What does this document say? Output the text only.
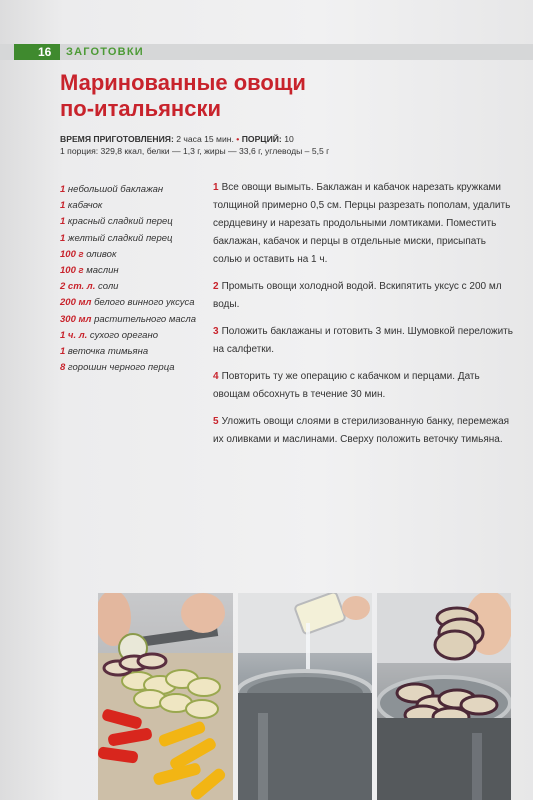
16	ЗАГОТОВКИ
Маринованные овощи
по-итальянски
ВРЕМЯ ПРИГОТОВЛЕНИЯ: 2 часа 15 мин. • ПОРЦИЙ: 10
1 порция: 329,8 ккал, белки — 1,3 г, жиры — 33,6 г, углеводы – 5,5 г
1 небольшой баклажан
1 кабачок
1 красный сладкий перец
1 желтый сладкий перец
100 г оливок
100 г маслин
2 ст. л. соли
200 мл белого винного уксуса
300 мл растительного масла
1 ч. л. сухого орегано
1 веточка тимьяна
8 горошин черного перца
1 Все овощи вымыть. Баклажан и кабачок нарезать кружками толщиной примерно 0,5 см. Перцы разрезать пополам, удалить сердцевину и нарезать продольными ломтиками. Поместить баклажан, кабачок и перцы в отдельные миски, присыпать солью и оставить на 1 ч.
2 Промыть овощи холодной водой. Вскипятить уксус с 200 мл воды.
3 Положить баклажаны и готовить 3 мин. Шумовкой переложить на салфетки.
4 Повторить ту же операцию с кабачком и перцами. Дать овощам обсохнуть в течение 30 мин.
5 Уложить овощи слоями в стерилизованную банку, перемежая их оливками и маслинами. Сверху положить веточку тимьяна.
